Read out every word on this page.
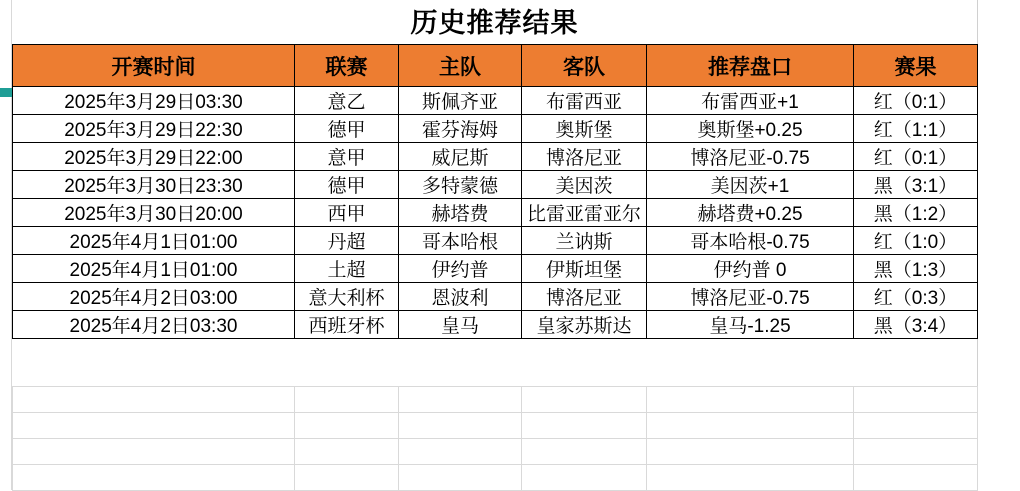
历史推荐结果
开赛时间	联赛	主队	客队	推荐盘口	赛果
2025年3月29日03:30	意乙	斯佩齐亚	布雷西亚	布雷西亚+1	红（0:1）
2025年3月29日22:30	德甲	霍芬海姆	奥斯堡	奥斯堡+0.25	红（1:1）
2025年3月29日22:00	意甲	威尼斯	博洛尼亚	博洛尼亚-0.75	红（0:1）
2025年3月30日23:30	德甲	多特蒙德	美因茨	美因茨+1	黑（3:1）
2025年3月30日20:00	西甲	赫塔费	比雷亚雷亚尔	赫塔费+0.25	黑（1:2）
2025年4月1日01:00	丹超	哥本哈根	兰讷斯	哥本哈根-0.75	红（1:0）
2025年4月1日01:00	土超	伊约普	伊斯坦堡	伊约普 0	黑（1:3）
2025年4月2日03:00	意大利杯	恩波利	博洛尼亚	博洛尼亚-0.75	红（0:3）
2025年4月2日03:30	西班牙杯	皇马	皇家苏斯达	皇马-1.25	黑（3:4）
